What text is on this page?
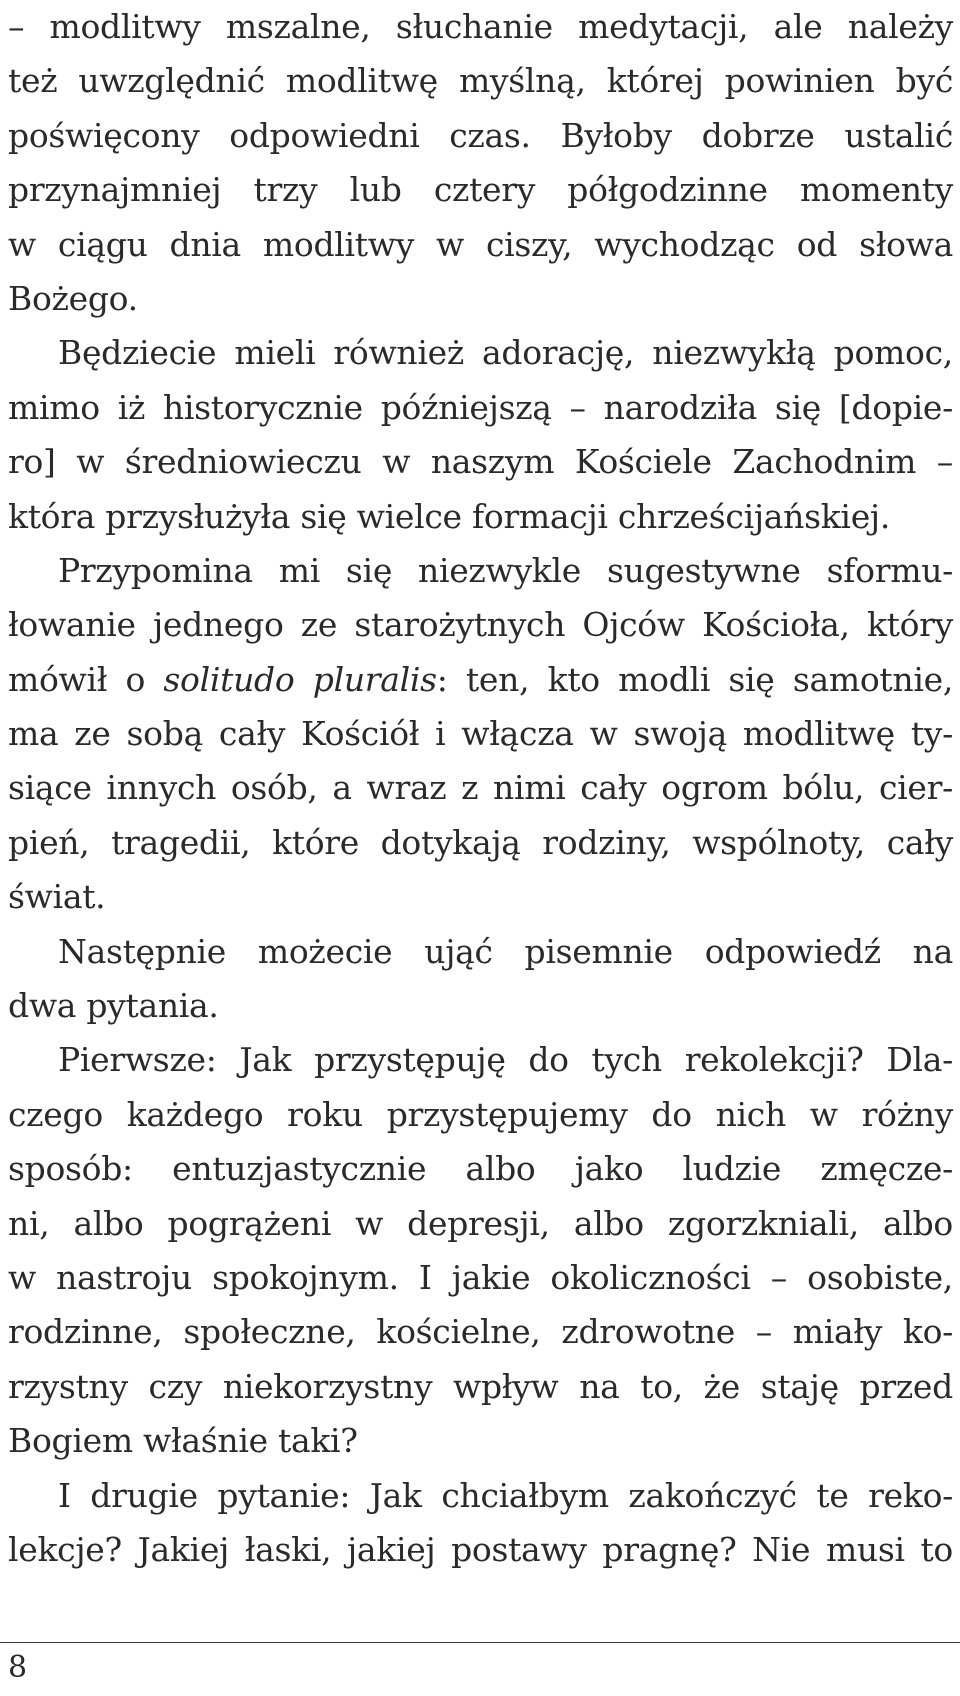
– modlitwy mszalne, słuchanie medytacji, ale należy
też uwzględnić modlitwę myślną, której powinien być
poświęcony odpowiedni czas. Byłoby dobrze ustalić
przynajmniej trzy lub cztery półgodzinne momenty
w ciągu dnia modlitwy w ciszy, wychodząc od słowa
Bożego.
Będziecie mieli również adorację, niezwykłą pomoc,
mimo iż historycznie późniejszą – narodziła się [dopie-
ro] w średniowieczu w naszym Kościele Zachodnim –
która przysłużyła się wielce formacji chrześcijańskiej.
Przypomina mi się niezwykle sugestywne sformu-
łowanie jednego ze starożytnych Ojców Kościoła, który
mówił o solitudo pluralis: ten, kto modli się samotnie,
ma ze sobą cały Kościół i włącza w swoją modlitwę ty-
siące innych osób, a wraz z nimi cały ogrom bólu, cier-
pień, tragedii, które dotykają rodziny, wspólnoty, cały
świat.
Następnie możecie ująć pisemnie odpowiedź na
dwa pytania.
Pierwsze: Jak przystępuję do tych rekolekcji? Dla-
czego każdego roku przystępujemy do nich w różny
sposób: entuzjastycznie albo jako ludzie zmęcze-
ni, albo pogrążeni w depresji, albo zgorzkniali, albo
w nastroju spokojnym. I jakie okoliczności – osobiste,
rodzinne, społeczne, kościelne, zdrowotne – miały ko-
rzystny czy niekorzystny wpływ na to, że staję przed
Bogiem właśnie taki?
I drugie pytanie: Jak chciałbym zakończyć te reko-
lekcje? Jakiej łaski, jakiej postawy pragnę? Nie musi to
8
